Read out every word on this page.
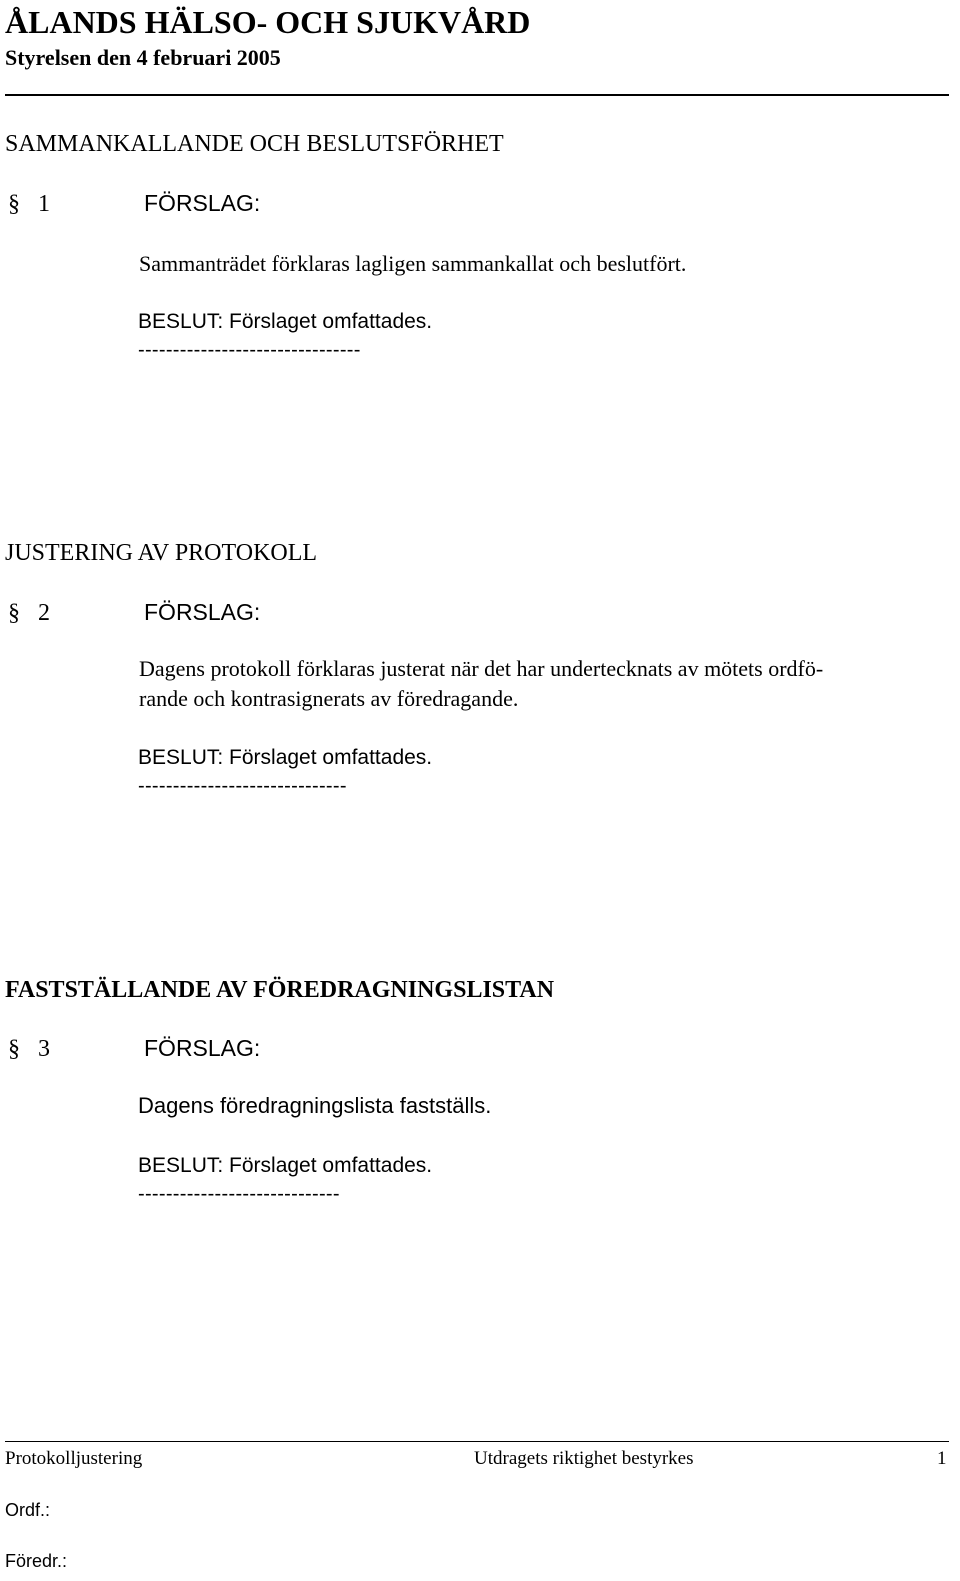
ÅLANDS HÄLSO- OCH SJUKVÅRD
Styrelsen den 4 februari 2005
SAMMANKALLANDE OCH BESLUTSFÖRHET
§ 1	FÖRSLAG:
Sammanträdet förklaras lagligen sammankallat och beslutfört.
BESLUT: Förslaget omfattades.
--------------------------------
JUSTERING AV PROTOKOLL
§ 2	FÖRSLAG:
Dagens protokoll förklaras justerat när det har undertecknats av mötets ordfö-
rande och kontrasignerats av föredragande.
BESLUT: Förslaget omfattades.
------------------------------
FASTSTÄLLANDE AV FÖREDRAGNINGSLISTAN
§ 3	FÖRSLAG:
Dagens föredragningslista fastställs.
BESLUT: Förslaget omfattades.
-----------------------------
Protokolljustering	Utdragets riktighet bestyrkes	1
Ordf.:
Föredr.:
